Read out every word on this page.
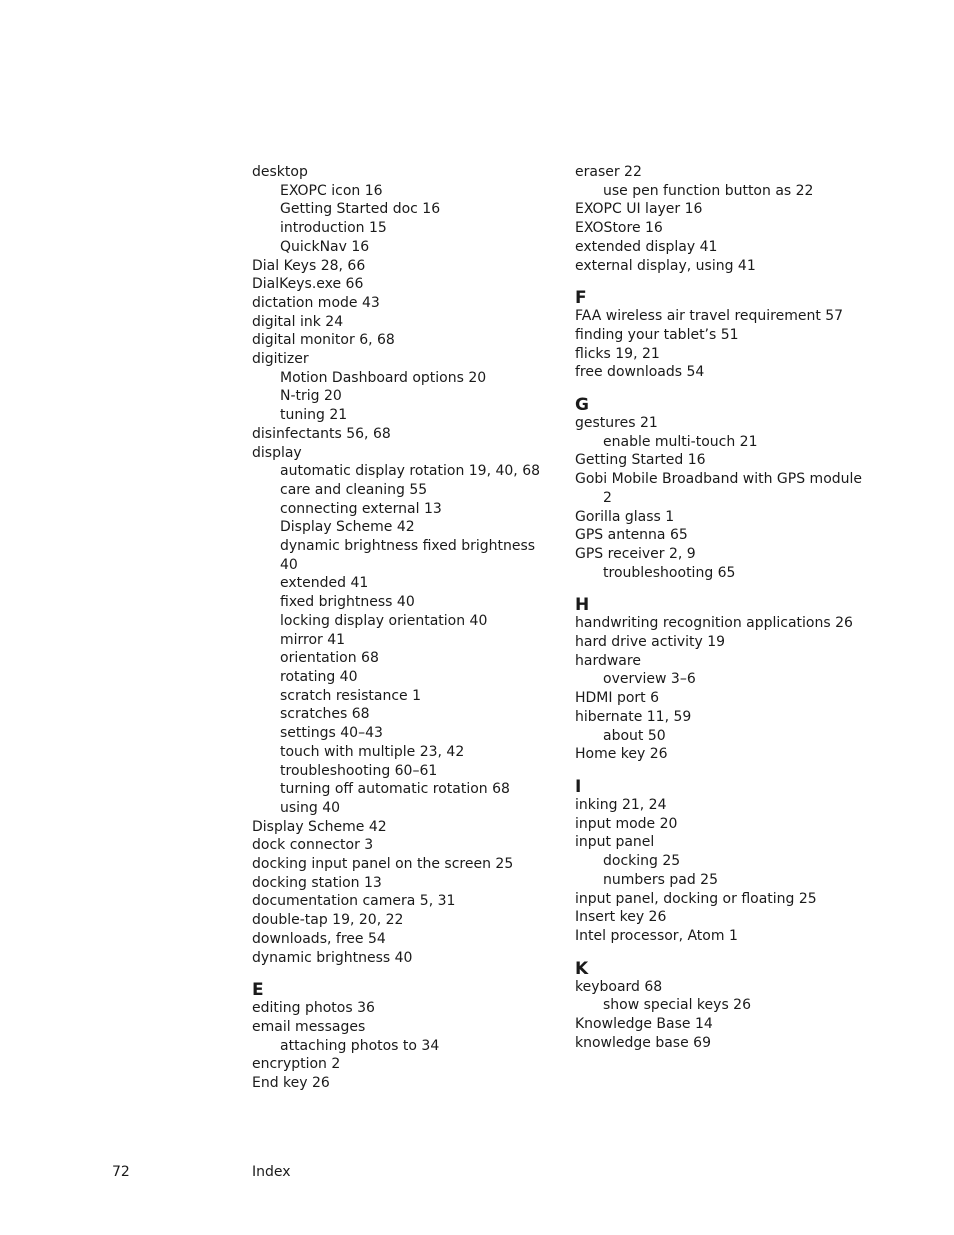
desktop
EXOPC icon 16
Getting Started doc 16
introduction 15
QuickNav 16
Dial Keys 28, 66
DialKeys.exe 66
dictation mode 43
digital ink 24
digital monitor 6, 68
digitizer
Motion Dashboard options 20
N-trig 20
tuning 21
disinfectants 56, 68
display
automatic display rotation 19, 40, 68
care and cleaning 55
connecting external 13
Display Scheme 42
dynamic brightness fixed brightness
40
extended 41
fixed brightness 40
locking display orientation 40
mirror 41
orientation 68
rotating 40
scratch resistance 1
scratches 68
settings 40–43
touch with multiple 23, 42
troubleshooting 60–61
turning off automatic rotation 68
using 40
Display Scheme 42
dock connector 3
docking input panel on the screen 25
docking station 13
documentation camera 5, 31
double-tap 19, 20, 22
downloads, free 54
dynamic brightness 40
E
editing photos 36
email messages
attaching photos to 34
encryption 2
End key 26
eraser 22
use pen function button as 22
EXOPC UI layer 16
EXOStore 16
extended display 41
external display, using 41
F
FAA wireless air travel requirement 57
finding your tablet’s 51
flicks 19, 21
free downloads 54
G
gestures 21
enable multi-touch 21
Getting Started 16
Gobi Mobile Broadband with GPS module
2
Gorilla glass 1
GPS antenna 65
GPS receiver 2, 9
troubleshooting 65
H
handwriting recognition applications 26
hard drive activity 19
hardware
overview 3–6
HDMI port 6
hibernate 11, 59
about 50
Home key 26
I
inking 21, 24
input mode 20
input panel
docking 25
numbers pad 25
input panel, docking or floating 25
Insert key 26
Intel processor, Atom 1
K
keyboard 68
show special keys 26
Knowledge Base 14
knowledge base 69
72	Index
